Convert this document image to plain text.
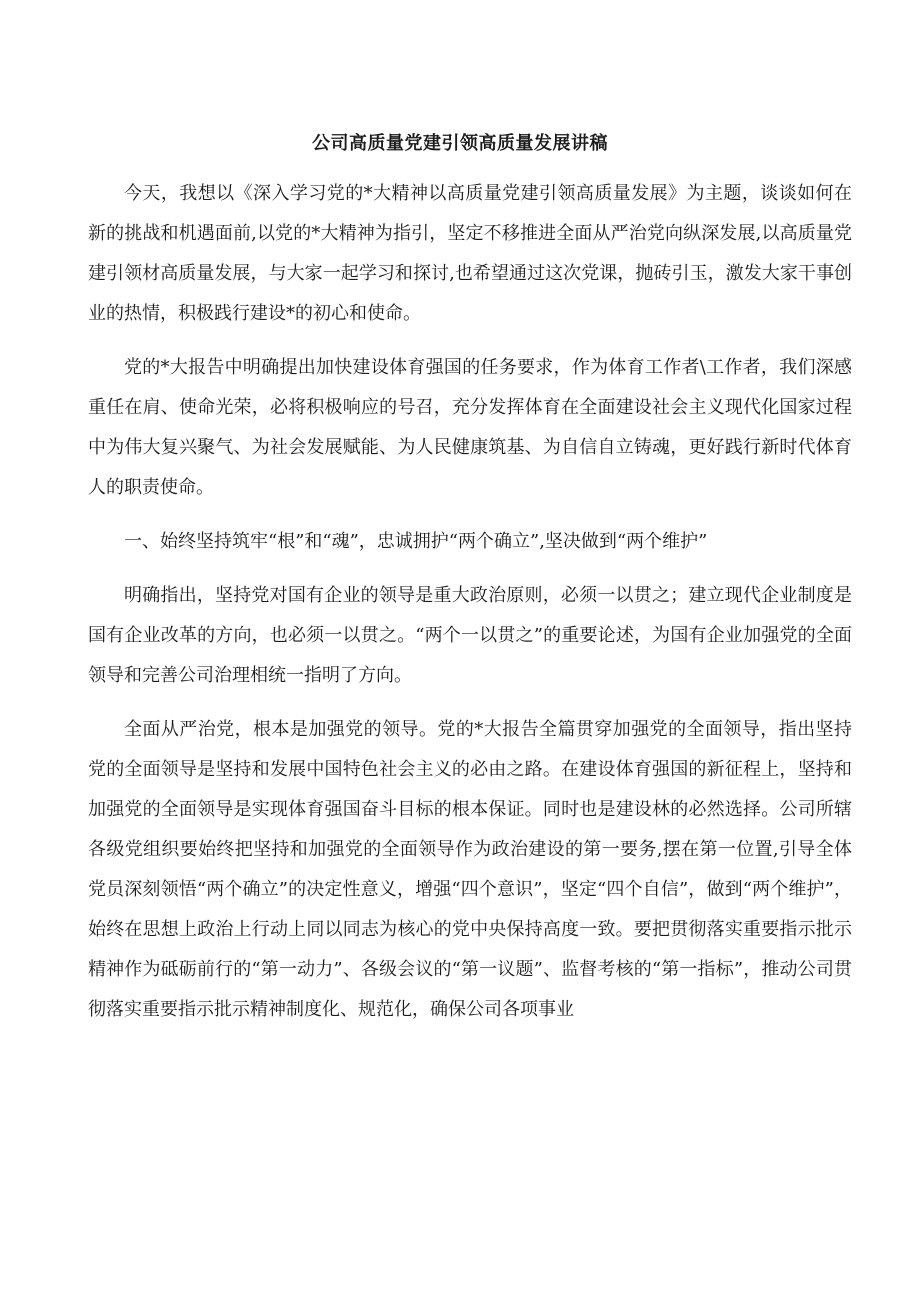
公司高质量党建引领高质量发展讲稿

今天，我想以《深入学习党的*大精神以高质量党建引领高质量发展》为主题，谈谈如何在新的挑战和机遇面前,以党的*大精神为指引，坚定不移推进全面从严治党向纵深发展,以高质量党建引领材高质量发展，与大家一起学习和探讨,也希望通过这次党课，抛砖引玉，激发大家干事创业的热情，积极践行建设*的初心和使命。

党的*大报告中明确提出加快建设体育强国的任务要求，作为体育工作者\工作者，我们深感重任在肩、使命光荣，必将积极响应的号召，充分发挥体育在全面建设社会主义现代化国家过程中为伟大复兴聚气、为社会发展赋能、为人民健康筑基、为自信自立铸魂，更好践行新时代体育人的职责使命。

一、始终坚持筑牢“根”和“魂”，忠诚拥护“两个确立”,坚决做到“两个维护”

明确指出，坚持党对国有企业的领导是重大政治原则，必须一以贯之；建立现代企业制度是国有企业改革的方向，也必须一以贯之。“两个一以贯之”的重要论述，为国有企业加强党的全面领导和完善公司治理相统一指明了方向。

全面从严治党，根本是加强党的领导。党的*大报告全篇贯穿加强党的全面领导，指出坚持党的全面领导是坚持和发展中国特色社会主义的必由之路。在建设体育强国的新征程上，坚持和加强党的全面领导是实现体育强国奋斗目标的根本保证。同时也是建设林的必然选择。公司所辖各级党组织要始终把坚持和加强党的全面领导作为政治建设的第一要务,摆在第一位置,引导全体党员深刻领悟“两个确立”的决定性意义，增强“四个意识”，坚定“四个自信”，做到“两个维护”，始终在思想上政治上行动上同以同志为核心的党中央保持高度一致。要把贯彻落实重要指示批示精神作为砥砺前行的“第一动力”、各级会议的“第一议题”、监督考核的“第一指标”，推动公司贯彻落实重要指示批示精神制度化、规范化，确保公司各项事业
